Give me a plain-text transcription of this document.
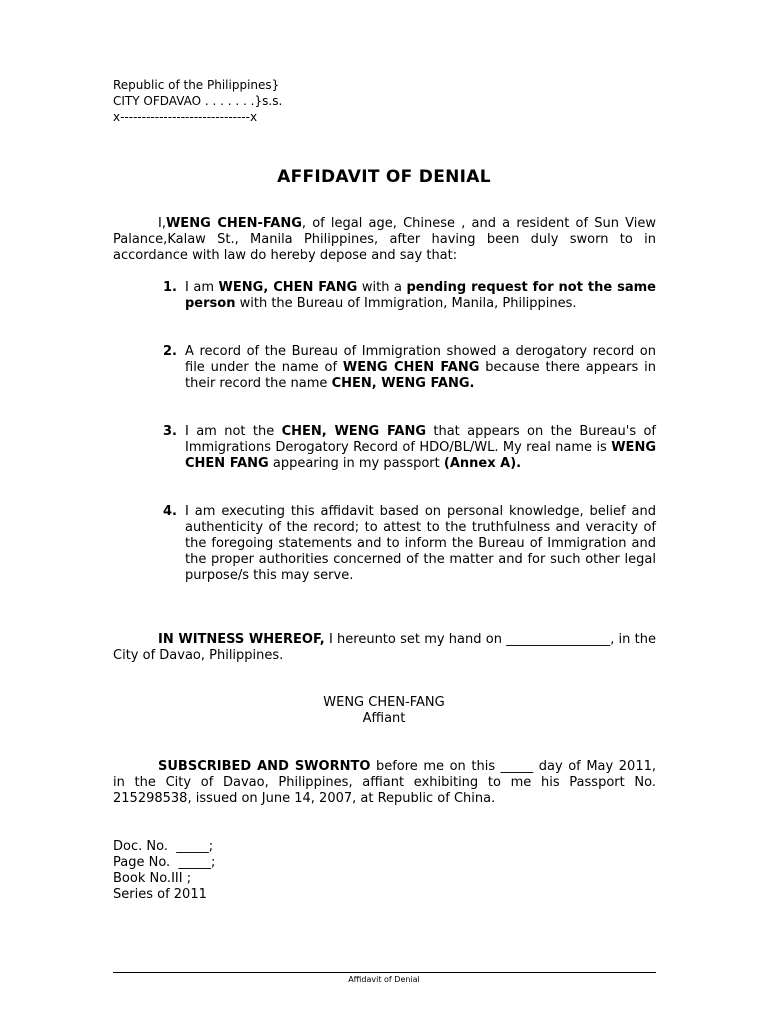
Republic of the Philippines}
CITY OFDAVAO . . . . . . .}s.s.
x------------------------------x
AFFIDAVIT OF DENIAL
I,WENG CHEN-FANG, of legal age, Chinese , and a resident of Sun View Palance,Kalaw St., Manila Philippines, after having been duly sworn to in accordance with law do hereby depose and say that:
1. I am WENG, CHEN FANG with a pending request for not the same person with the Bureau of Immigration, Manila, Philippines.
2. A record of the Bureau of Immigration showed a derogatory record on file under the name of WENG CHEN FANG because there appears in their record the name CHEN, WENG FANG.
3. I am not the CHEN, WENG FANG that appears on the Bureau's of Immigrations Derogatory Record of HDO/BL/WL. My real name is WENG CHEN FANG appearing in my passport (Annex A).
4. I am executing this affidavit based on personal knowledge, belief and authenticity of the record; to attest to the truthfulness and veracity of the foregoing statements and to inform the Bureau of Immigration and the proper authorities concerned of the matter and for such other legal purpose/s this may serve.
IN WITNESS WHEREOF, I hereunto set my hand on ________________, in the City of Davao, Philippines.
WENG CHEN-FANG
Affiant
SUBSCRIBED AND SWORNTO before me on this _____ day of May 2011, in the City of Davao, Philippines, affiant exhibiting to me his Passport No. 215298538, issued on June 14, 2007, at Republic of China.
Doc. No.  _____;
Page No.  _____;
Book No.III ;
Series of 2011
Affidavit of Denial
